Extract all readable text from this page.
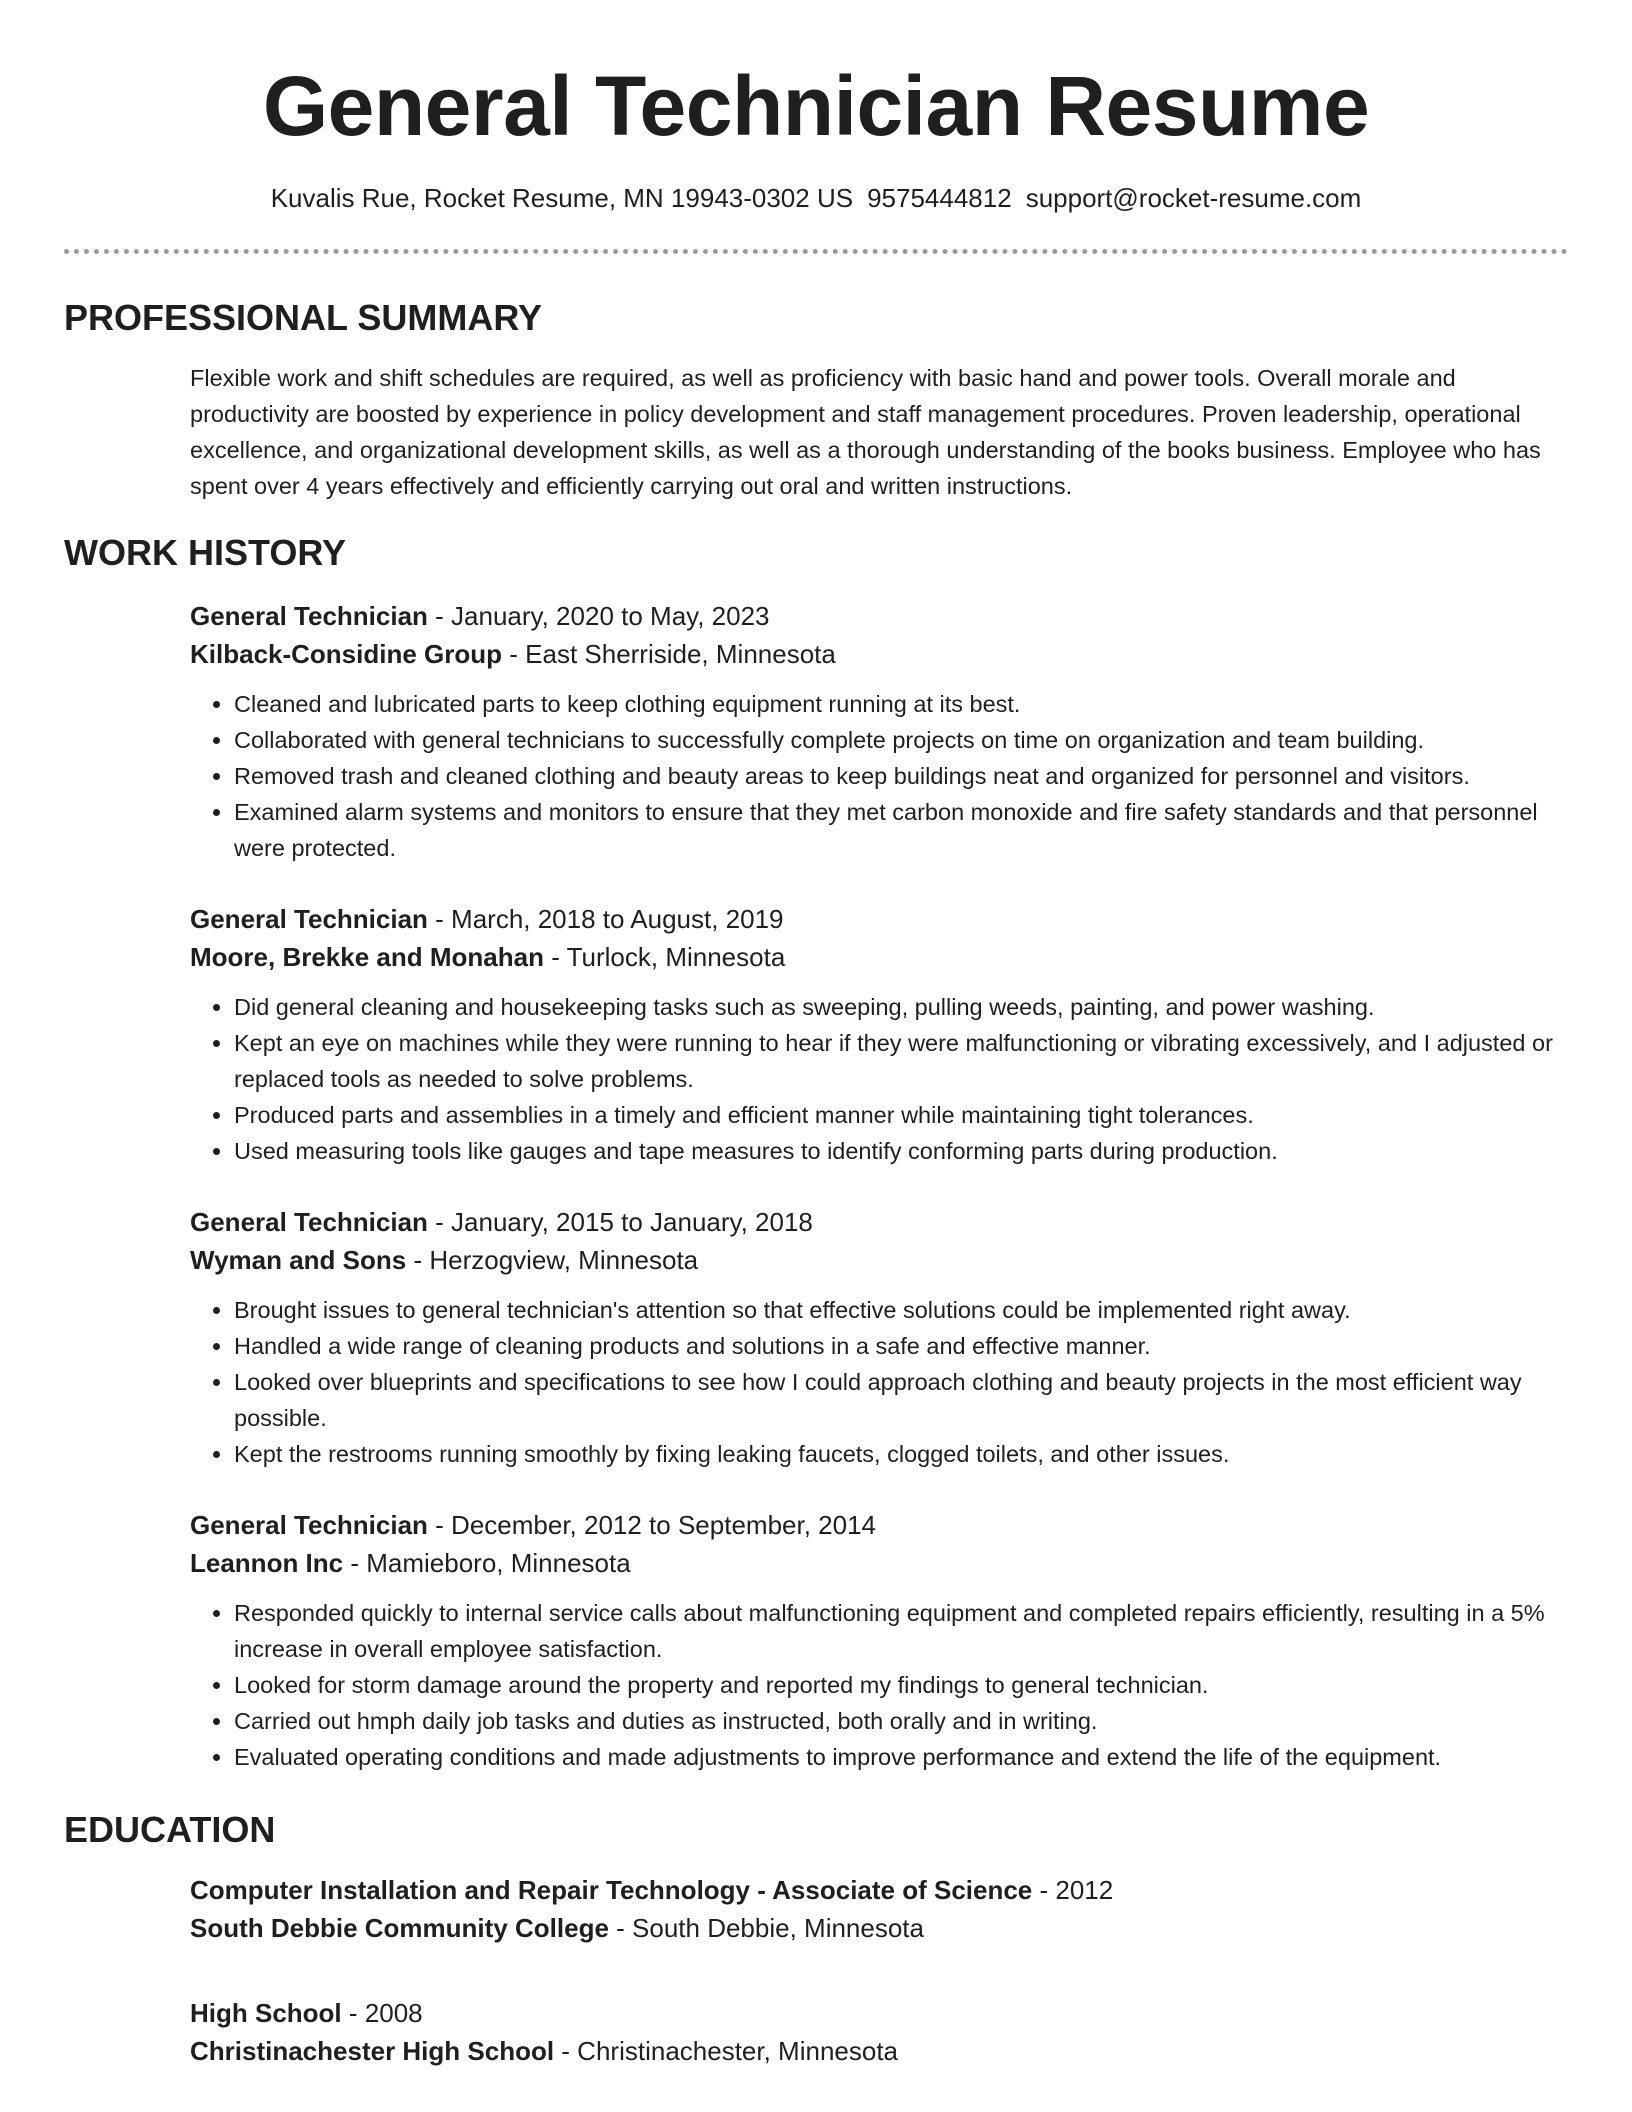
General Technician Resume
Kuvalis Rue, Rocket Resume, MN 19943-0302 US 9575444812 support@rocket-resume.com
PROFESSIONAL SUMMARY
Flexible work and shift schedules are required, as well as proficiency with basic hand and power tools. Overall morale and productivity are boosted by experience in policy development and staff management procedures. Proven leadership, operational excellence, and organizational development skills, as well as a thorough understanding of the books business. Employee who has spent over 4 years effectively and efficiently carrying out oral and written instructions.
WORK HISTORY
General Technician - January, 2020 to May, 2023
Kilback-Considine Group - East Sherriside, Minnesota
• Cleaned and lubricated parts to keep clothing equipment running at its best.
• Collaborated with general technicians to successfully complete projects on time on organization and team building.
• Removed trash and cleaned clothing and beauty areas to keep buildings neat and organized for personnel and visitors.
• Examined alarm systems and monitors to ensure that they met carbon monoxide and fire safety standards and that personnel were protected.
General Technician - March, 2018 to August, 2019
Moore, Brekke and Monahan - Turlock, Minnesota
• Did general cleaning and housekeeping tasks such as sweeping, pulling weeds, painting, and power washing.
• Kept an eye on machines while they were running to hear if they were malfunctioning or vibrating excessively, and I adjusted or replaced tools as needed to solve problems.
• Produced parts and assemblies in a timely and efficient manner while maintaining tight tolerances.
• Used measuring tools like gauges and tape measures to identify conforming parts during production.
General Technician - January, 2015 to January, 2018
Wyman and Sons - Herzogview, Minnesota
• Brought issues to general technician's attention so that effective solutions could be implemented right away.
• Handled a wide range of cleaning products and solutions in a safe and effective manner.
• Looked over blueprints and specifications to see how I could approach clothing and beauty projects in the most efficient way possible.
• Kept the restrooms running smoothly by fixing leaking faucets, clogged toilets, and other issues.
General Technician - December, 2012 to September, 2014
Leannon Inc - Mamieboro, Minnesota
• Responded quickly to internal service calls about malfunctioning equipment and completed repairs efficiently, resulting in a 5% increase in overall employee satisfaction.
• Looked for storm damage around the property and reported my findings to general technician.
• Carried out hmph daily job tasks and duties as instructed, both orally and in writing.
• Evaluated operating conditions and made adjustments to improve performance and extend the life of the equipment.
EDUCATION
Computer Installation and Repair Technology - Associate of Science - 2012
South Debbie Community College - South Debbie, Minnesota
High School - 2008
Christinachester High School - Christinachester, Minnesota
